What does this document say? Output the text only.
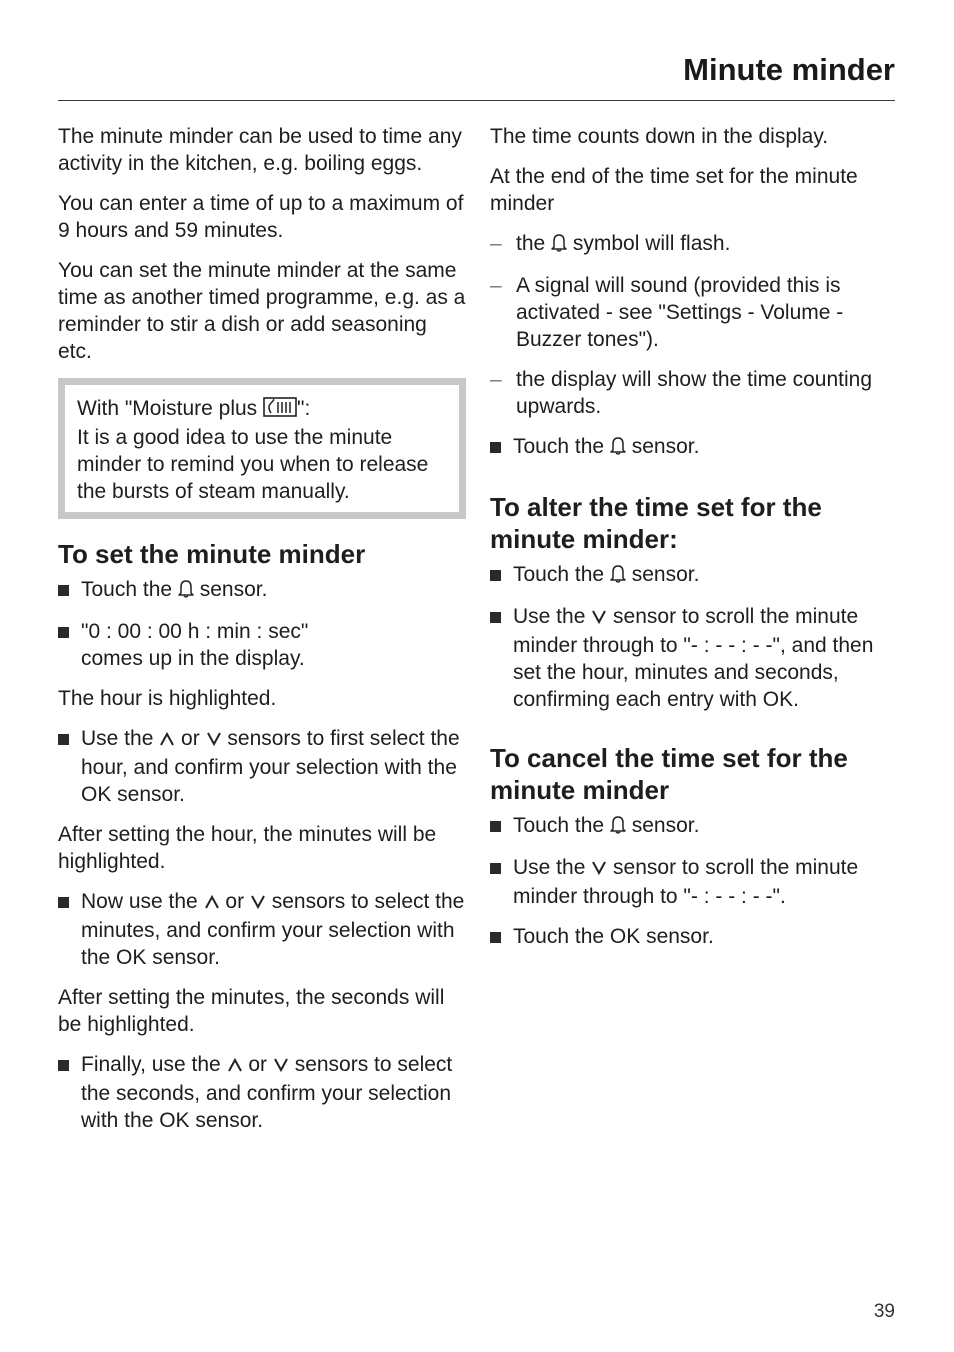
Minute minder

The minute minder can be used to time any activity in the kitchen, e.g. boiling eggs.

You can enter a time of up to a maximum of 9 hours and 59 minutes.

You can set the minute minder at the same time as another timed programme, e.g. as a reminder to stir a dish or add seasoning etc.

With "Moisture plus ":

It is a good idea to use the minute minder to remind you when to release the bursts of steam manually.

To set the minute minder
Touch the  sensor.
"0 : 00 : 00 h : min : sec"
comes up in the display.

The hour is highlighted.

Use the  or  sensors to first select the hour, and confirm your selection with the OK sensor.

After setting the hour, the minutes will be highlighted.

Now use the  or  sensors to select the minutes, and confirm your selection with the OK sensor.

After setting the minutes, the seconds will be highlighted.

Finally, use the  or  sensors to select the seconds, and confirm your selection with the OK sensor.

The time counts down in the display.

At the end of the time set for the minute minder

– the  symbol will flash.
– A signal will sound (provided this is activated - see "Settings - Volume - Buzzer tones").
– the display will show the time counting upwards.
Touch the  sensor.
To alter the time set for the minute minder:
Touch the  sensor.
Use the  sensor to scroll the minute minder through to "- : - - : - -", and then set the hour, minutes and seconds, confirming each entry with OK.
To cancel the time set for the minute minder
Touch the  sensor.
Use the  sensor to scroll the minute minder through to "- : - - : - -".
Touch the OK sensor.
39
